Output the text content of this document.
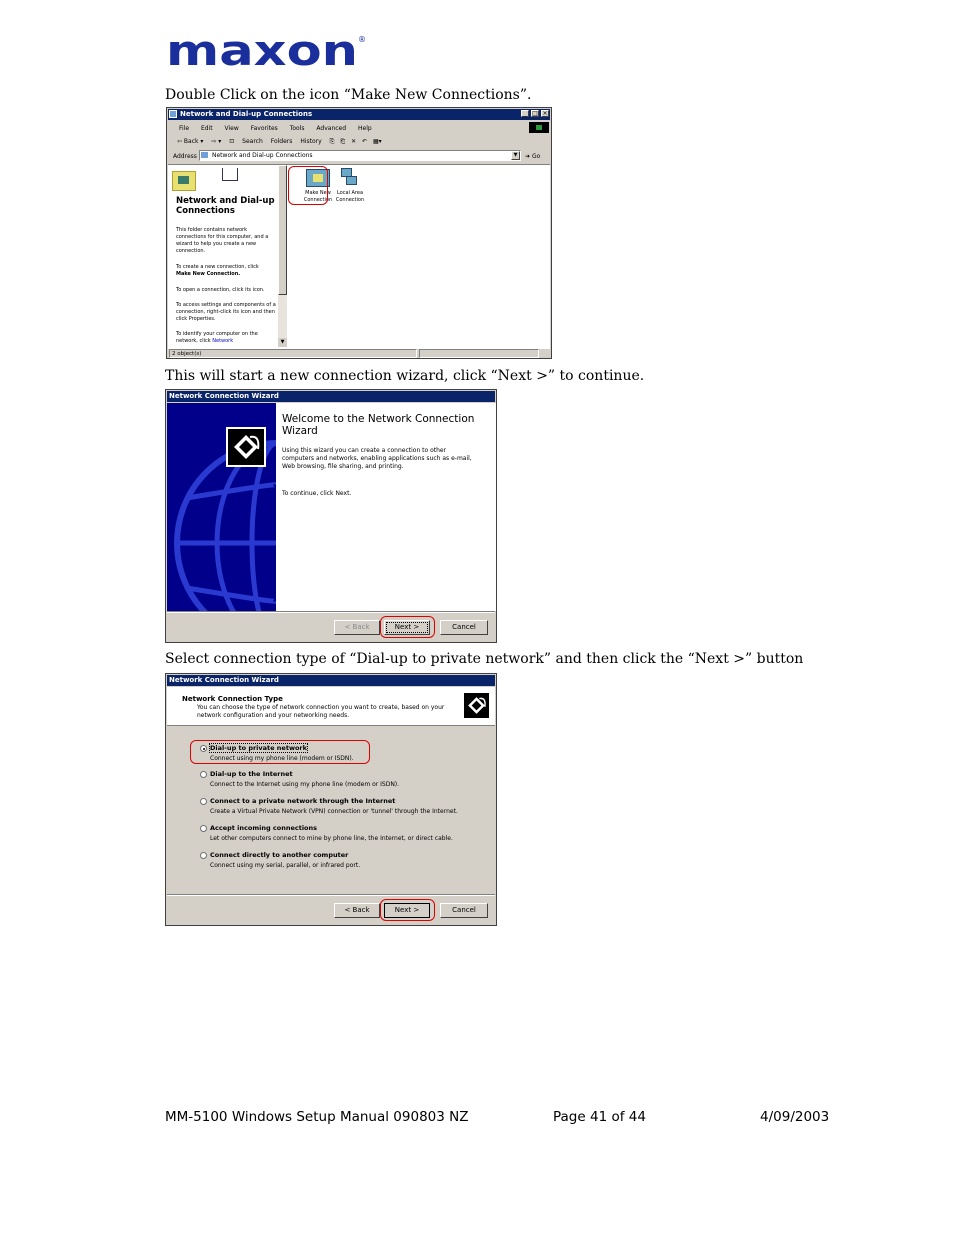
maxon ®
Double Click on the icon “Make New Connections”.
Network and Dial-up Connections	_ □ ×
File Edit View Favorites Tools Advanced Help
⇦ Back ▾ ⇨ ▾ ⊡ Search Folders History ⎘ ⎗ ✕ ↶ ▦▾
Address	Network and Dial-up Connections	▼	➜ Go
Network and Dial-up Connections
This folder contains network connections for this computer, and a wizard to help you create a new connection.
To create a new connection, click
Make New Connection.
To open a connection, click its icon.
To access settings and components of a connection, right-click its icon and then click Properties.
To identify your computer on the network, click Network	▼
Make New
Connection
Local Area
Connection
2 object(s)
This will start a new connection wizard, click “Next >” to continue.
Network Connection Wizard
Welcome to the Network Connection Wizard
Using this wizard you can create a connection to other computers and networks, enabling applications such as e-mail, Web browsing, file sharing, and printing.
To continue, click Next.
< Back	Next >	Cancel
Select connection type of “Dial-up to private network” and then click the “Next >” button
Network Connection Wizard
Network Connection Type
You can choose the type of network connection you want to create, based on your network configuration and your networking needs.
Dial-up to private network
Connect using my phone line (modem or ISDN).
Dial-up to the Internet
Connect to the Internet using my phone line (modem or ISDN).
Connect to a private network through the Internet
Create a Virtual Private Network (VPN) connection or 'tunnel' through the Internet.
Accept incoming connections
Let other computers connect to mine by phone line, the Internet, or direct cable.
Connect directly to another computer
Connect using my serial, parallel, or infrared port.
< Back	Next >	Cancel
MM-5100 Windows Setup Manual 090803 NZ	Page 41 of 44	4/09/2003
